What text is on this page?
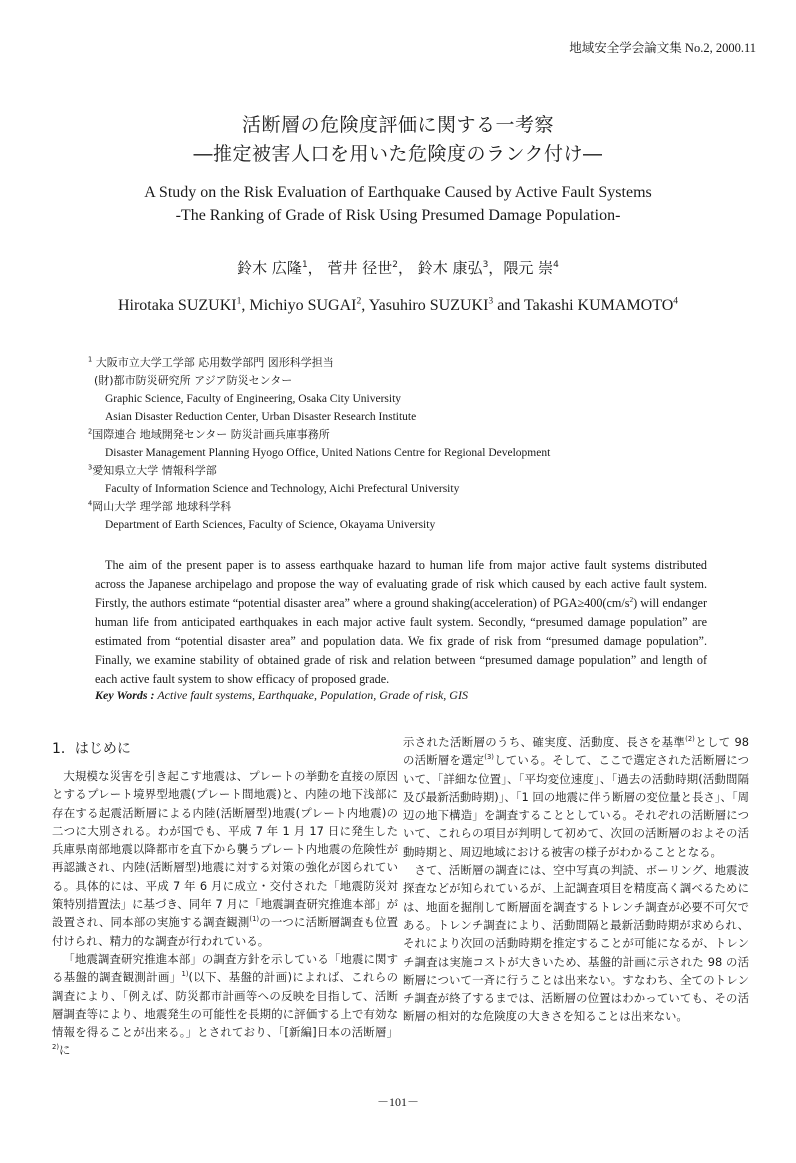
地域安全学会論文集 No.2, 2000.11
活断層の危険度評価に関する一考察
―推定被害人口を用いた危険度のランク付け―
A Study on the Risk Evaluation of Earthquake Caused by Active Fault Systems
-The Ranking of Grade of Risk Using Presumed Damage Population-
鈴木 広隆$^1$， 菅井 径世$^2$， 鈴木 康弘$^3$，隈元 崇$^4$
Hirotaka SUZUKI$^1$, Michiyo SUGAI$^2$, Yasuhiro SUZUKI$^3$ and Takashi KUMAMOTO$^4$
$^1$ 大阪市立大学工学部 応用数学部門 図形科学担当
(財)都市防災研究所 アジア防災センター
Graphic Science, Faculty of Engineering, Osaka City University
Asian Disaster Reduction Center, Urban Disaster Research Institute
$^2$国際連合 地域開発センター 防災計画兵庫事務所
Disaster Management Planning Hyogo Office, United Nations Centre for Regional Development
$^3$愛知県立大学 情報科学部
Faculty of Information Science and Technology, Aichi Prefectural University
$^4$岡山大学 理学部 地球科学科
Department of Earth Sciences, Faculty of Science, Okayama University

The aim of the present paper is to assess earthquake hazard to human life from major active fault systems distributed across the Japanese archipelago and propose the way of evaluating grade of risk which caused by each active fault system. Firstly, the authors estimate “potential disaster area” where a ground shaking(acceleration) of $PGA\ge 400(cm/s^2)$ will endanger human life from anticipated earthquakes in each major active fault system. Secondly, “presumed damage population” are estimated from “potential disaster area” and population data. We fix grade of risk from “presumed damage population”. Finally, we examine stability of obtained grade of risk and relation between “presumed damage population” and length of each active fault system to show efficacy of proposed grade.

Key Words : Active fault systems, Earthquake, Population, Grade of risk, GIS
1．はじめに

大規模な災害を引き起こす地震は、プレートの挙動を直接の原因とするプレート境界型地震(プレート間地震)と、内陸の地下浅部に存在する起震活断層による内陸(活断層型)地震(プレート内地震)の二つに大別される。わが国でも、平成 7 年 1 月 17 日に発生した兵庫県南部地震以降都市を直下から襲うプレート内地震の危険性が再認識され、内陸(活断層型)地震に対する対策の強化が図られている。具体的には、平成 7 年 6 月に成立・交付された「地震防災対策特別措置法」に基づき、同年 7 月に「地震調査研究推進本部」が設置され、同本部の実施する調査観測$^{(1)}$の一つに活断層調査も位置付けられ、精力的な調査が行われている。

「地震調査研究推進本部」の調査方針を示している「地震に関する基盤的調査観測計画」$^{1)}$(以下、基盤的計画)によれば、これらの調査により、「例えば、防災都市計画等への反映を目指して、活断層調査等により、地震発生の可能性を長期的に評価する上で有効な情報を得ることが出来る。」とされており、「[新編]日本の活断層」$^{2)}$に

示された活断層のうち、確実度、活動度、長さを基準$^{(2)}$として 98 の活断層を選定$^{(3)}$している。そして、ここで選定された活断層について、「詳細な位置」、「平均変位速度」、「過去の活動時期(活動間隔及び最新活動時期)」、「1 回の地震に伴う断層の変位量と長さ」、「周辺の地下構造」を調査することとしている。それぞれの活断層について、これらの項目が判明して初めて、次回の活断層のおよその活動時期と、周辺地域における被害の様子がわかることとなる。

さて、活断層の調査には、空中写真の判読、ボーリング、地震波探査などが知られているが、上記調査項目を精度高く調べるためには、地面を掘削して断層面を調査するトレンチ調査が必要不可欠である。トレンチ調査により、活動間隔と最新活動時期が求められ、それにより次回の活動時期を推定することが可能になるが、トレンチ調査は実施コストが大きいため、基盤的計画に示された 98 の活断層について一斉に行うことは出来ない。すなわち、全てのトレンチ調査が終了するまでは、活断層の位置はわかっていても、その活断層の相対的な危険度の大きさを知ることは出来ない。

－101－
